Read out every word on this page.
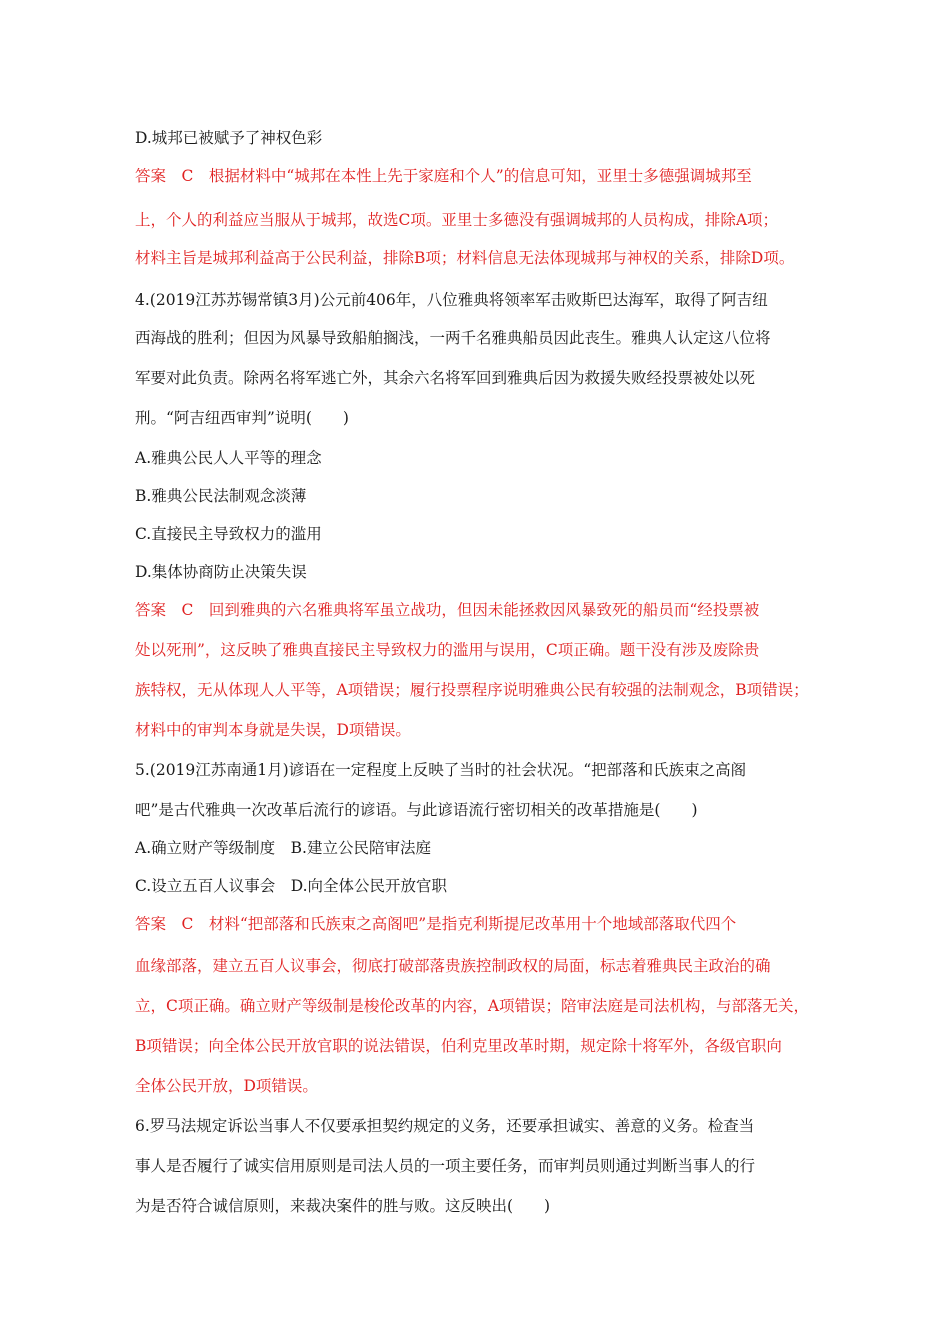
D.城邦已被赋予了神权色彩
答案　C　根据材料中“城邦在本性上先于家庭和个人”的信息可知，亚里士多德强调城邦至
上，个人的利益应当服从于城邦，故选C项。亚里士多德没有强调城邦的人员构成，排除A项；
材料主旨是城邦利益高于公民利益，排除B项；材料信息无法体现城邦与神权的关系，排除D项。
4.(2019江苏苏锡常镇3月)公元前406年，八位雅典将领率军击败斯巴达海军，取得了阿吉纽
西海战的胜利；但因为风暴导致船舶搁浅，一两千名雅典船员因此丧生。雅典人认定这八位将
军要对此负责。除两名将军逃亡外，其余六名将军回到雅典后因为救援失败经投票被处以死
刑。“阿吉纽西审判”说明(　　)
A.雅典公民人人平等的理念
B.雅典公民法制观念淡薄
C.直接民主导致权力的滥用
D.集体协商防止决策失误
答案　C　回到雅典的六名雅典将军虽立战功，但因未能拯救因风暴致死的船员而“经投票被
处以死刑”，这反映了雅典直接民主导致权力的滥用与误用，C项正确。题干没有涉及废除贵
族特权，无从体现人人平等，A项错误；履行投票程序说明雅典公民有较强的法制观念，B项错误；
材料中的审判本身就是失误，D项错误。
5.(2019江苏南通1月)谚语在一定程度上反映了当时的社会状况。“把部落和氏族束之高阁
吧”是古代雅典一次改革后流行的谚语。与此谚语流行密切相关的改革措施是(　　)
A.确立财产等级制度　B.建立公民陪审法庭
C.设立五百人议事会　D.向全体公民开放官职
答案　C　材料“把部落和氏族束之高阁吧”是指克利斯提尼改革用十个地域部落取代四个
血缘部落，建立五百人议事会，彻底打破部落贵族控制政权的局面，标志着雅典民主政治的确
立，C项正确。确立财产等级制是梭伦改革的内容，A项错误；陪审法庭是司法机构，与部落无关，
B项错误；向全体公民开放官职的说法错误，伯利克里改革时期，规定除十将军外，各级官职向
全体公民开放，D项错误。
6.罗马法规定诉讼当事人不仅要承担契约规定的义务，还要承担诚实、善意的义务。检查当
事人是否履行了诚实信用原则是司法人员的一项主要任务，而审判员则通过判断当事人的行
为是否符合诚信原则，来裁决案件的胜与败。这反映出(　　)
